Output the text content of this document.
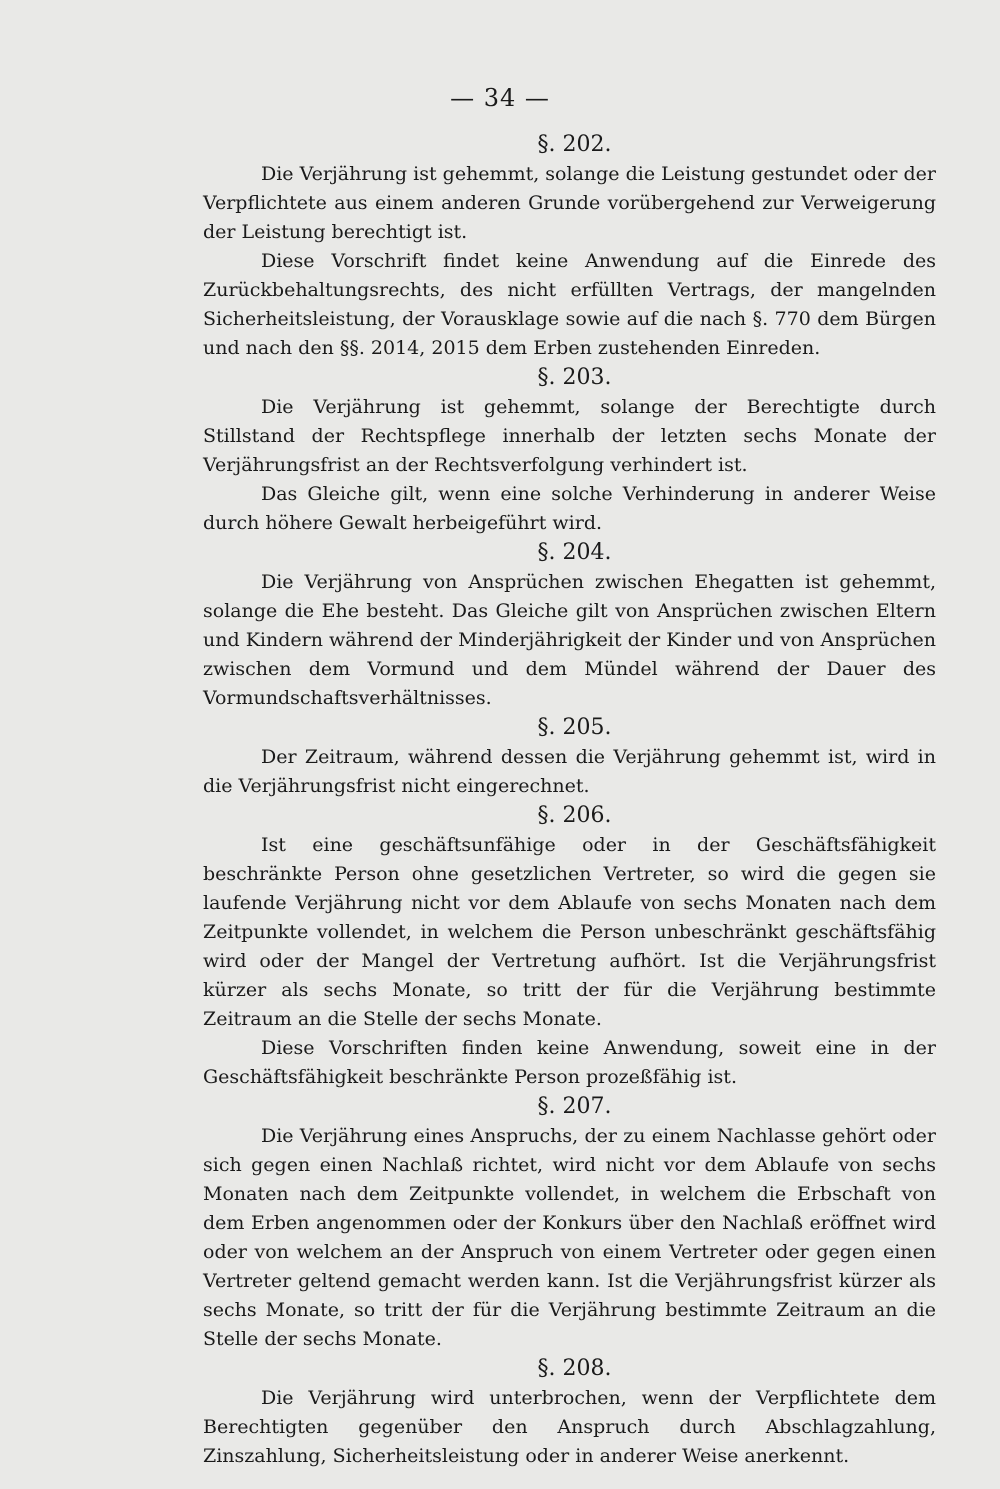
— 34 —
§. 202.

Die Verjährung ist gehemmt, solange die Leistung gestundet oder der Verpflichtete aus einem anderen Grunde vorübergehend zur Verweigerung der Leistung berechtigt ist.

Diese Vorschrift findet keine Anwendung auf die Einrede des Zurückbehaltungsrechts, des nicht erfüllten Vertrags, der mangelnden Sicherheitsleistung, der Vorausklage sowie auf die nach §. 770 dem Bürgen und nach den §§. 2014, 2015 dem Erben zustehenden Einreden.

§. 203.

Die Verjährung ist gehemmt, solange der Berechtigte durch Stillstand der Rechtspflege innerhalb der letzten sechs Monate der Verjährungsfrist an der Rechtsverfolgung verhindert ist.

Das Gleiche gilt, wenn eine solche Verhinderung in anderer Weise durch höhere Gewalt herbeigeführt wird.

§. 204.

Die Verjährung von Ansprüchen zwischen Ehegatten ist gehemmt, solange die Ehe besteht. Das Gleiche gilt von Ansprüchen zwischen Eltern und Kindern während der Minderjährigkeit der Kinder und von Ansprüchen zwischen dem Vormund und dem Mündel während der Dauer des Vormundschaftsverhältnisses.

§. 205.

Der Zeitraum, während dessen die Verjährung gehemmt ist, wird in die Verjährungsfrist nicht eingerechnet.

§. 206.

Ist eine geschäftsunfähige oder in der Geschäftsfähigkeit beschränkte Person ohne gesetzlichen Vertreter, so wird die gegen sie laufende Verjährung nicht vor dem Ablaufe von sechs Monaten nach dem Zeitpunkte vollendet, in welchem die Person unbeschränkt geschäftsfähig wird oder der Mangel der Vertretung aufhört. Ist die Verjährungsfrist kürzer als sechs Monate, so tritt der für die Verjährung bestimmte Zeitraum an die Stelle der sechs Monate.

Diese Vorschriften finden keine Anwendung, soweit eine in der Geschäftsfähigkeit beschränkte Person prozeßfähig ist.

§. 207.

Die Verjährung eines Anspruchs, der zu einem Nachlasse gehört oder sich gegen einen Nachlaß richtet, wird nicht vor dem Ablaufe von sechs Monaten nach dem Zeitpunkte vollendet, in welchem die Erbschaft von dem Erben angenommen oder der Konkurs über den Nachlaß eröffnet wird oder von welchem an der Anspruch von einem Vertreter oder gegen einen Vertreter geltend gemacht werden kann. Ist die Verjährungsfrist kürzer als sechs Monate, so tritt der für die Verjährung bestimmte Zeitraum an die Stelle der sechs Monate.

§. 208.

Die Verjährung wird unterbrochen, wenn der Verpflichtete dem Berechtigten gegenüber den Anspruch durch Abschlagzahlung, Zinszahlung, Sicherheitsleistung oder in anderer Weise anerkennt.
